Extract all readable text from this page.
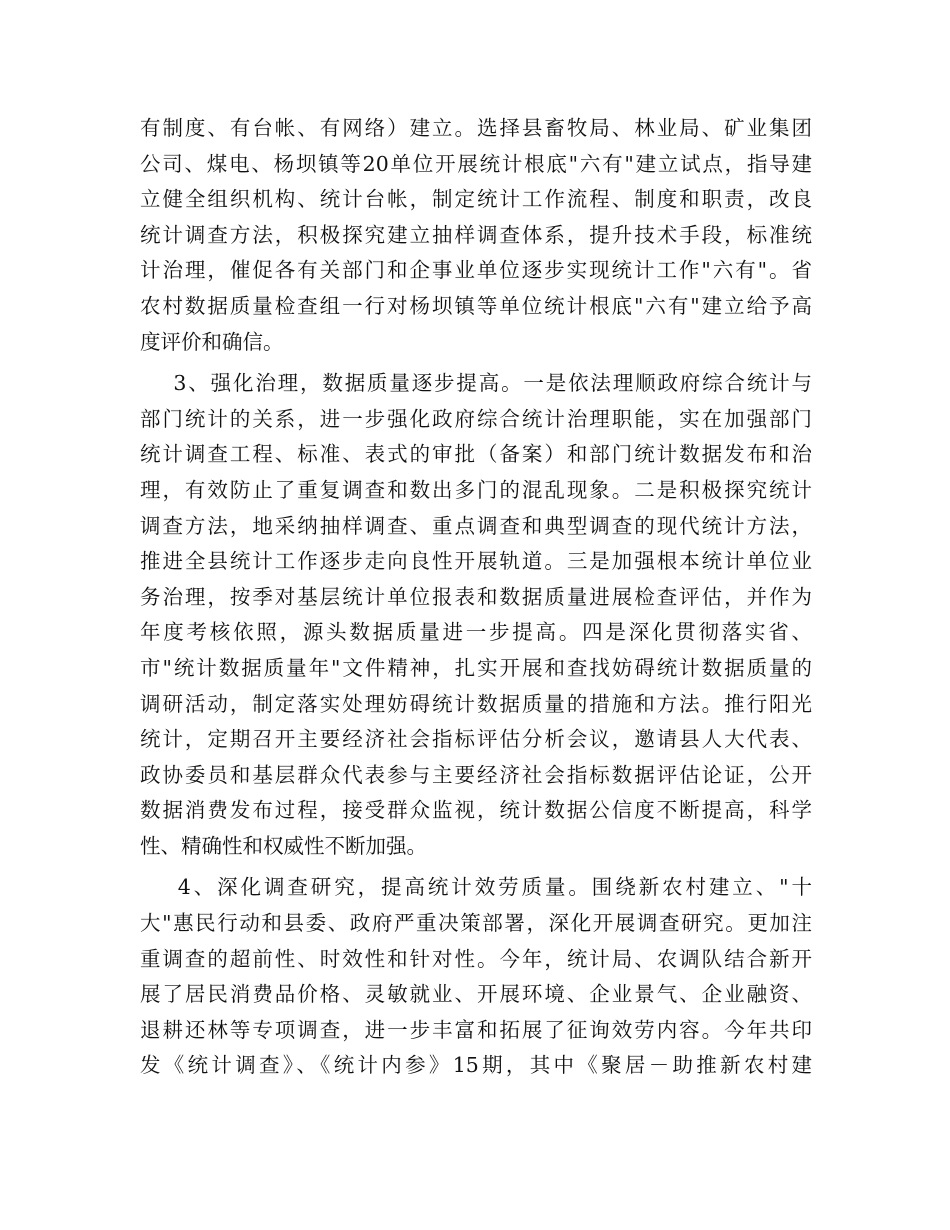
有制度、有台帐、有网络）建立。选择县畜牧局、林业局、矿业集团
公司、煤电、杨坝镇等20单位开展统计根底"六有"建立试点，指导建
立健全组织机构、统计台帐，制定统计工作流程、制度和职责，改良
统计调查方法，积极探究建立抽样调查体系，提升技术手段，标准统
计治理，催促各有关部门和企事业单位逐步实现统计工作"六有"。省
农村数据质量检查组一行对杨坝镇等单位统计根底"六有"建立给予高
度评价和确信。
3、强化治理，数据质量逐步提高。一是依法理顺政府综合统计与
部门统计的关系，进一步强化政府综合统计治理职能，实在加强部门
统计调查工程、标准、表式的审批（备案）和部门统计数据发布和治
理，有效防止了重复调查和数出多门的混乱现象。二是积极探究统计
调查方法，地采纳抽样调查、重点调查和典型调查的现代统计方法，
推进全县统计工作逐步走向良性开展轨道。三是加强根本统计单位业
务治理，按季对基层统计单位报表和数据质量进展检查评估，并作为
年度考核依照，源头数据质量进一步提高。四是深化贯彻落实省、
市"统计数据质量年"文件精神，扎实开展和查找妨碍统计数据质量的
调研活动，制定落实处理妨碍统计数据质量的措施和方法。推行阳光
统计，定期召开主要经济社会指标评估分析会议，邀请县人大代表、
政协委员和基层群众代表参与主要经济社会指标数据评估论证，公开
数据消费发布过程，接受群众监视，统计数据公信度不断提高，科学
性、精确性和权威性不断加强。
4、深化调查研究，提高统计效劳质量。围绕新农村建立、"十
大"惠民行动和县委、政府严重决策部署，深化开展调查研究。更加注
重调查的超前性、时效性和针对性。今年，统计局、农调队结合新开
展了居民消费品价格、灵敏就业、开展环境、企业景气、企业融资、
退耕还林等专项调查，进一步丰富和拓展了征询效劳内容。今年共印
发《统计调查》、《统计内参》15期，其中《聚居－助推新农村建
